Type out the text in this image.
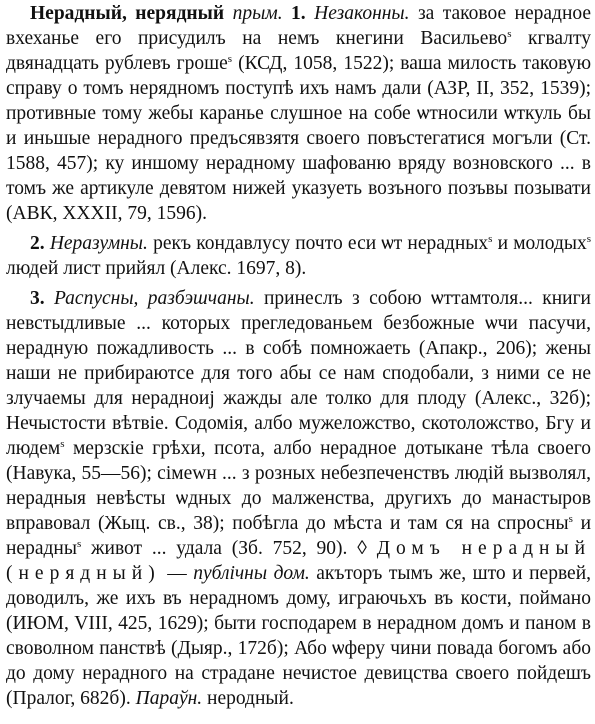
Нерадный, нерядный прым. 1. Незаконны. за таковое нерадное вхеханье его присудилъ на немъ кнегини Васильево$^s$ кгвалту двянадцать рублевъ гроше$^s$ (КСД, 1058, 1522); ваша милость таковую справу о томъ нерядномъ поступѣ ихъ намъ дали (АЗР, II, 352, 1539); противные тому жебы караньe слушное на собе ѡтносили ѡткуль бы и иньшые нерадного предъсявзятя своего повъстегатися могъли (Ст. 1588, 457); ку иншому нерадному шафованю вряду возновского ... в томъ же артикуле девятом нижей указуеть возъного позъвы позывати (АВК, XXXII, 79, 1596).

2. Неразумны. рекъ кондавлусу почто еси ѡт нерадных$^s$ и молодых$^s$ людей лист прийял (Алекс. 1697, 8).

3. Распусны, разбэшчаны. принеслъ з собою ѡттамтоля... книги невстыдливые ... которых прегледованьем безбожные ѡчи пасучи, нерадную пожадливость ... в собѣ помножаеть (Апакр., 206); жены наши не прибираютсе для того абы се нам сподобали, з ними се не злучаемы для нерадноиј жажды але толко для плоду (Алекс., 32б); Нечыстости вѣтвіе. Содомія, албо мужеложство, скотоложство, Бгу и людем$^s$ мерзскіе грѣхи, псота, албо нерадное дотыканe тѣла своего (Навука, 55—56); сімеwн ... з розных небезпеченствъ людій вызволял, нерадныя невѣсты ѡдных до малженства, другихъ до манастыров вправовал (Жыц. св., 38); побѣгла до мѣста и там ся на спросны$^s$ и нерадны$^s$ живот ... удала (Зб. 752, 90). ◊ Домъ нерадный (нерядный) — публічны дом. акъторъ тымъ же, што и первей, доводилъ, же ихъ въ нерадномъ дому, играючьхъ въ кости, поймано (ИЮМ, VIII, 425, 1629); быти господарем в нерадном домъ и паном в своволном панствѣ (Дыяр., 172б); Або ѡферу чини повада богомъ або до дому нерадного на страдане нечистое девицства своего пойдешъ (Пралог, 682б). Параўн. неродный.
